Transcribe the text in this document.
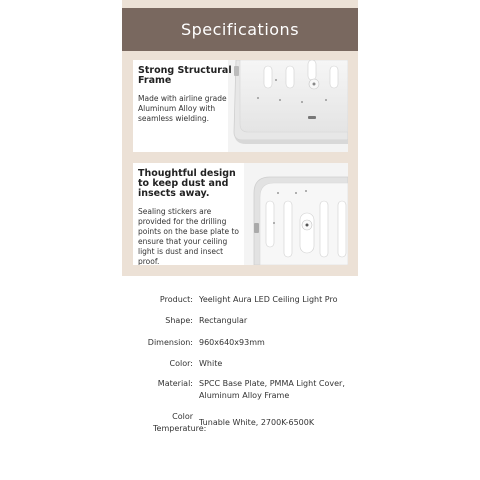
Specifications
Strong Structural Frame
Made with airline grade Aluminum Alloy with seamless wielding.
Thoughtful design to keep dust and insects away.
Sealing stickers are provided for the drilling points on the base plate to ensure that your ceiling light is dust and insect proof.
Product: Yeelight Aura LED Ceiling Light Pro
Shape: Rectangular
Dimension: 960x640x93mm
Color: White
Material: SPCC Base Plate, PMMA Light Cover, Aluminum Alloy Frame
Color Temperature:
Tunable White, 2700K-6500K
